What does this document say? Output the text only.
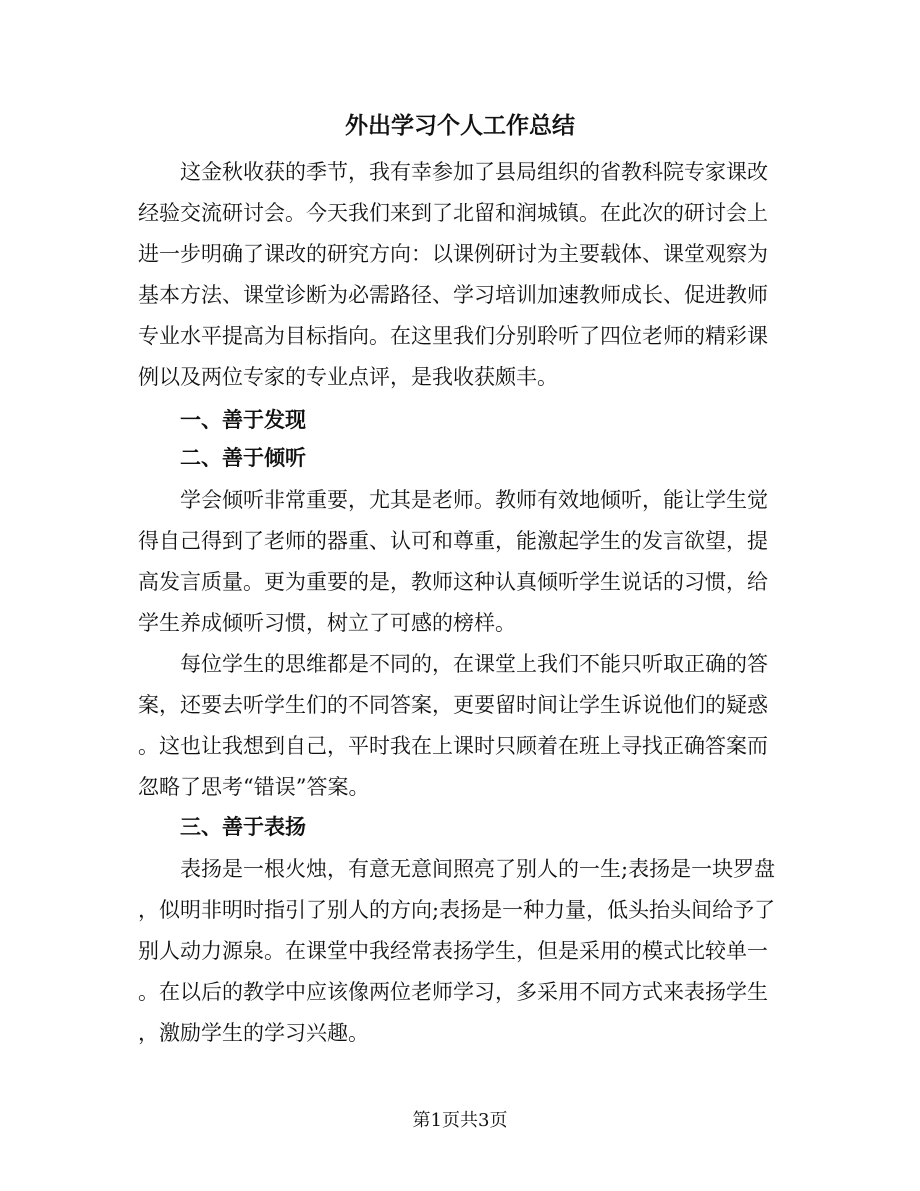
外出学习个人工作总结
这金秋收获的季节，我有幸参加了县局组织的省教科院专家课改
经验交流研讨会。今天我们来到了北留和润城镇。在此次的研讨会上
进一步明确了课改的研究方向：以课例研讨为主要载体、课堂观察为
基本方法、课堂诊断为必需路径、学习培训加速教师成长、促进教师
专业水平提高为目标指向。在这里我们分别聆听了四位老师的精彩课
例以及两位专家的专业点评，是我收获颇丰。
一、善于发现
二、善于倾听
学会倾听非常重要，尤其是老师。教师有效地倾听，能让学生觉
得自己得到了老师的器重、认可和尊重，能激起学生的发言欲望，提
高发言质量。更为重要的是，教师这种认真倾听学生说话的习惯，给
学生养成倾听习惯，树立了可感的榜样。
每位学生的思维都是不同的，在课堂上我们不能只听取正确的答
案，还要去听学生们的不同答案，更要留时间让学生诉说他们的疑惑
。这也让我想到自己，平时我在上课时只顾着在班上寻找正确答案而
忽略了思考“错误”答案。
三、善于表扬
表扬是一根火烛，有意无意间照亮了别人的一生;表扬是一块罗盘
，似明非明时指引了别人的方向;表扬是一种力量，低头抬头间给予了
别人动力源泉。在课堂中我经常表扬学生，但是采用的模式比较单一
。在以后的教学中应该像两位老师学习，多采用不同方式来表扬学生
，激励学生的学习兴趣。
第1页共3页
